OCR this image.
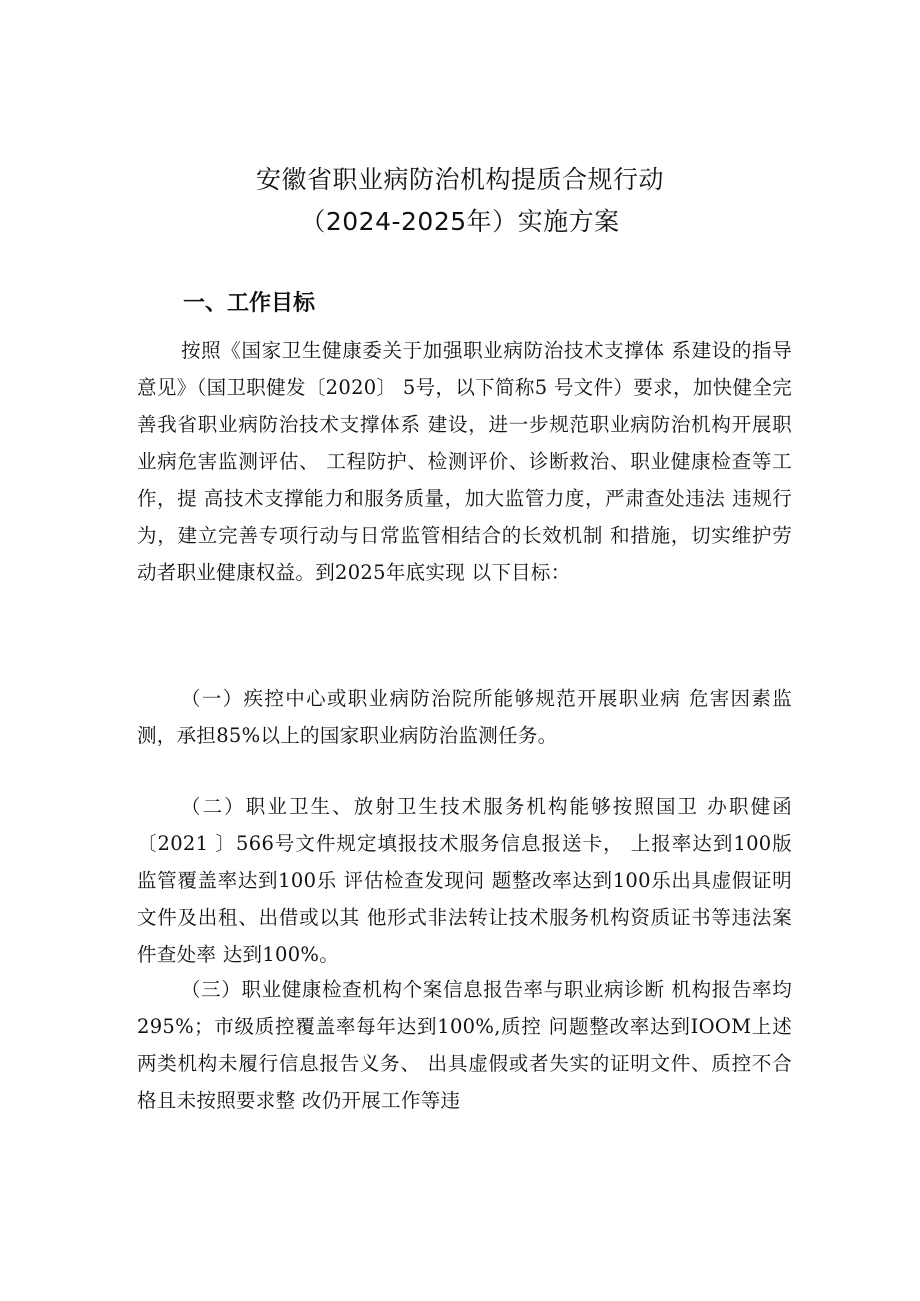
安徽省职业病防治机构提质合规行动
（2024-2025年）实施方案
一、工作目标

按照《国家卫生健康委关于加强职业病防治技术支撑体 系建设的指导意见》（国卫职健发〔2020〕 5号，以下简称5 号文件）要求，加快健全完善我省职业病防治技术支撑体系 建设，进一步规范职业病防治机构开展职业病危害监测评估、 工程防护、检测评价、诊断救治、职业健康检查等工作，提 高技术支撑能力和服务质量，加大监管力度，严肃查处违法 违规行为，建立完善专项行动与日常监管相结合的长效机制 和措施，切实维护劳动者职业健康权益。到2025年底实现 以下目标：

（一）疾控中心或职业病防治院所能够规范开展职业病 危害因素监测，承担85%以上的国家职业病防治监测任务。

（二）职业卫生、放射卫生技术服务机构能够按照国卫 办职健函〔2021 〕566号文件规定填报技术服务信息报送卡， 上报率达到100版 监管覆盖率达到100乐 评估检查发现问 题整改率达到100乐出具虚假证明文件及出租、出借或以其 他形式非法转让技术服务机构资质证书等违法案件查处率 达到100%。

（三）职业健康检查机构个案信息报告率与职业病诊断 机构报告率均295%；市级质控覆盖率每年达到100%,质控 问题整改率达到IOOM上述两类机构未履行信息报告义务、 出具虚假或者失实的证明文件、质控不合格且未按照要求整 改仍开展工作等违
